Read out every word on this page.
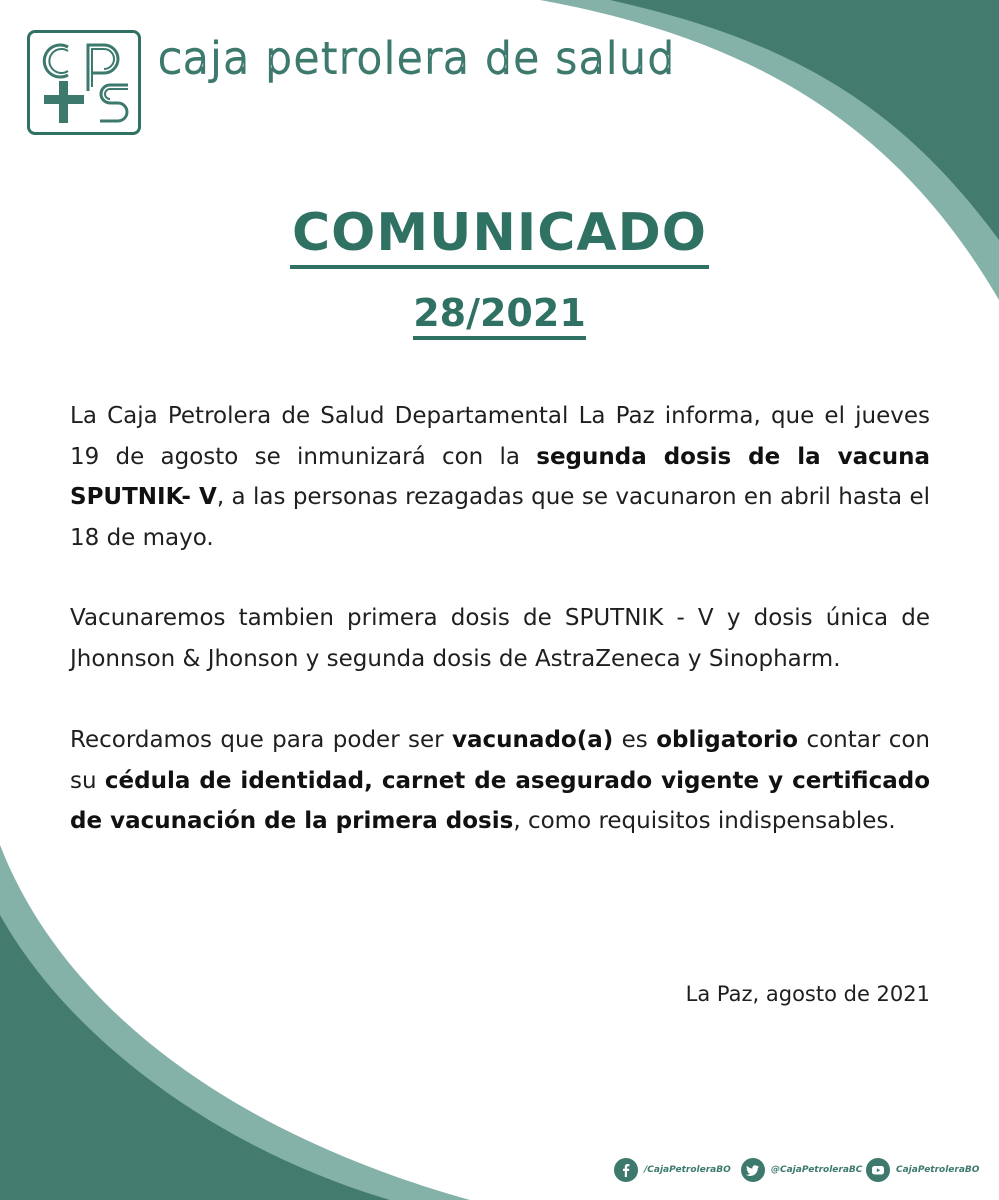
caja petrolera de salud
COMUNICADO
28/2021

La Caja Petrolera de Salud Departamental La Paz informa, que el jueves 19 de agosto se inmunizará con la segunda dosis de la vacuna SPUTNIK- V, a las personas rezagadas que se vacunaron en abril hasta el 18 de mayo.

Vacunaremos tambien primera dosis de SPUTNIK - V y dosis única de Jhonnson & Jhonson y segunda dosis de AstraZeneca y Sinopharm.

Recordamos que para poder ser vacunado(a) es obligatorio contar con su cédula de identidad, carnet de asegurado vigente y certificado de vacunación de la primera dosis, como requisitos indispensables.

La Paz, agosto de 2021
/CajaPetroleraBO	@CajaPetroleraBC	CajaPetroleraBO
